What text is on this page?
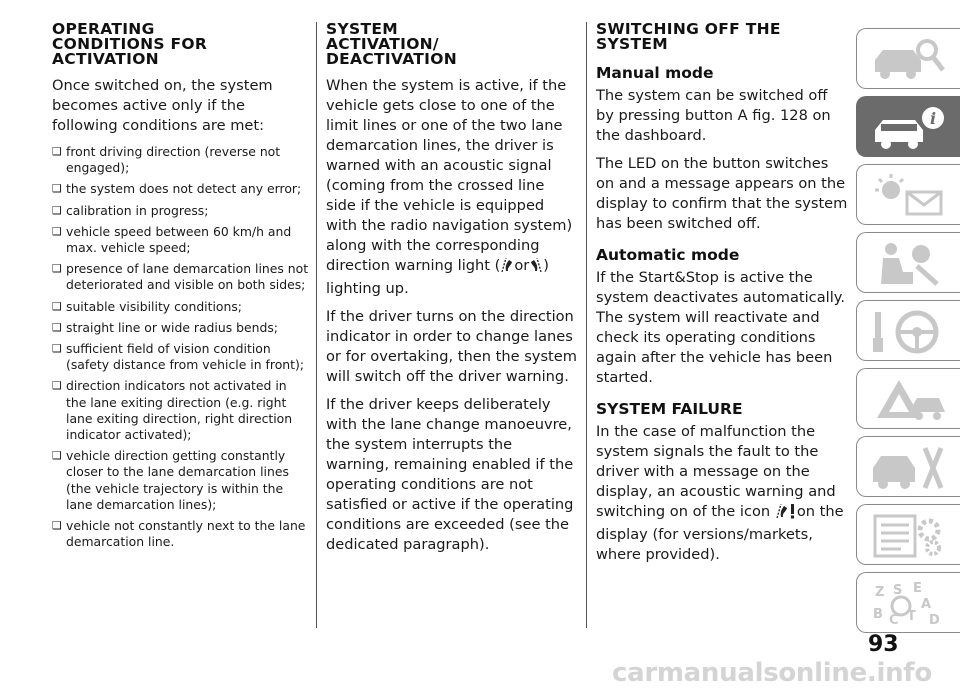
OPERATING
CONDITIONS FOR
ACTIVATION

Once switched on, the system becomes active only if the following conditions are met:

❑ front driving direction (reverse not engaged);
❑ the system does not detect any error;
❑ calibration in progress;
❑ vehicle speed between 60 km/h and max. vehicle speed;
❑ presence of lane demarcation lines not deteriorated and visible on both sides;
❑ suitable visibility conditions;
❑ straight line or wide radius bends;
❑ sufficient field of vision condition (safety distance from vehicle in front);
❑ direction indicators not activated in the lane exiting direction (e.g. right lane exiting direction, right direction indicator activated);
❑ vehicle direction getting constantly closer to the lane demarcation lines (the vehicle trajectory is within the lane demarcation lines);
❑ vehicle not constantly next to the lane demarcation line.
SYSTEM
ACTIVATION/
DEACTIVATION

When the system is active, if the vehicle gets close to one of the limit lines or one of the two lane demarcation lines, the driver is warned with an acoustic signal (coming from the crossed line side if the vehicle is equipped with the radio navigation system) along with the corresponding direction warning light ( or ) lighting up.

If the driver turns on the direction indicator in order to change lanes or for overtaking, then the system will switch off the driver warning.

If the driver keeps deliberately with the lane change manoeuvre, the system interrupts the warning, remaining enabled if the operating conditions are not satisfied or active if the operating conditions are exceeded (see the dedicated paragraph).

SWITCHING OFF THE
SYSTEM
Manual mode

The system can be switched off by pressing button A fig. 128 on the dashboard.

The LED on the button switches on and a message appears on the display to confirm that the system has been switched off.

Automatic mode

If the Start&Stop is active the system deactivates automatically. The system will reactivate and check its operating conditions again after the vehicle has been started.

SYSTEM FAILURE

In the case of malfunction the system signals the fault to the driver with a message on the display, an acoustic warning and switching on of the icon on the display (for versions/markets, where provided).

i
Z S E
B C T
A
D
93
carmanualsonline.info
